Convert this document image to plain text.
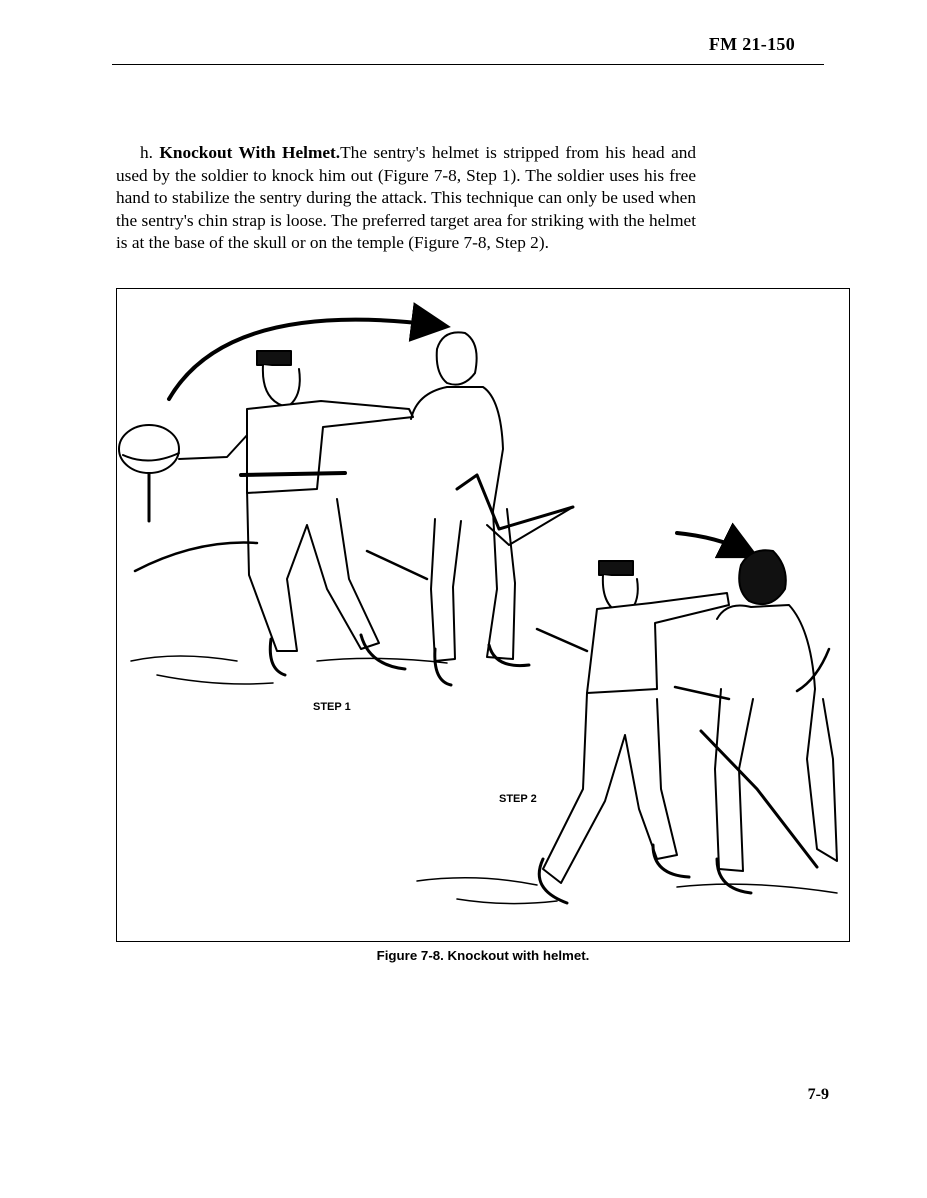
FM 21-150

h. Knockout With Helmet.The sentry's helmet is stripped from his head and used by the soldier to knock him out (Figure 7-8, Step 1). The soldier uses his free hand to stabilize the sentry during the attack. This technique can only be used when the sentry's chin strap is loose. The preferred target area for striking with the helmet is at the base of the skull or on the temple (Figure 7-8, Step 2).

STEP 1
STEP 2
Figure 7-8. Knockout with helmet.
7-9
